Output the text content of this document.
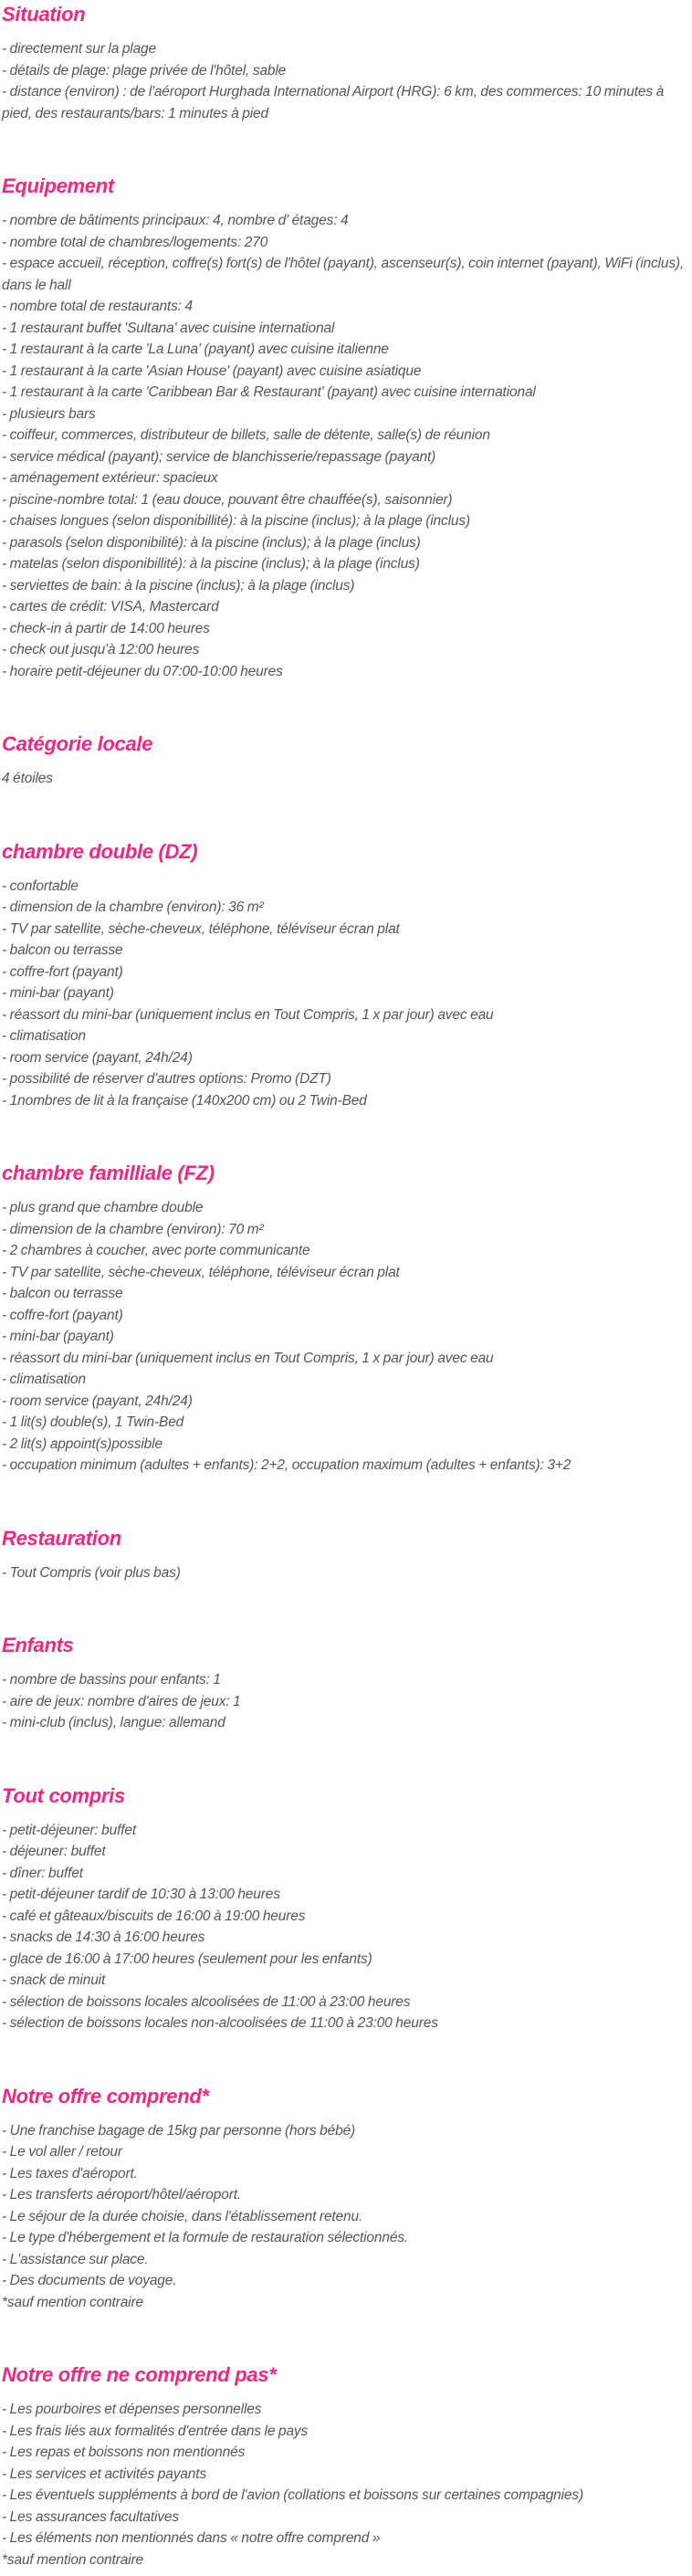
Situation

- directement sur la plage

- détails de plage: plage privée de l'hôtel, sable

- distance (environ) : de l'aéroport Hurghada International Airport (HRG): 6 km, des commerces: 10 minutes à pied, des restaurants/bars: 1 minutes à pied

Equipement

- nombre de bâtiments principaux: 4, nombre d' étages: 4

- nombre total de chambres/logements: 270

- espace accueil, réception, coffre(s) fort(s) de l'hôtel (payant), ascenseur(s), coin internet (payant), WiFi (inclus), dans le hall

- nombre total de restaurants: 4

- 1 restaurant buffet 'Sultana' avec cuisine international

- 1 restaurant à la carte 'La Luna' (payant) avec cuisine italienne

- 1 restaurant à la carte 'Asian House' (payant) avec cuisine asiatique

- 1 restaurant à la carte 'Caribbean Bar & Restaurant' (payant) avec cuisine international

- plusieurs bars

- coiffeur, commerces, distributeur de billets, salle de détente, salle(s) de réunion

- service médical (payant); service de blanchisserie/repassage (payant)

- aménagement extérieur: spacieux

- piscine-nombre total: 1 (eau douce, pouvant être chauffée(s), saisonnier)

- chaises longues (selon disponibillité): à la piscine (inclus); à la plage (inclus)

- parasols (selon disponibilité): à la piscine (inclus); à la plage (inclus)

- matelas (selon disponibillité): à la piscine (inclus); à la plage (inclus)

- serviettes de bain: à la piscine (inclus); à la plage (inclus)

- cartes de crédit: VISA, Mastercard

- check-in à partir de 14:00 heures

- check out jusqu'à 12:00 heures

- horaire petit-déjeuner du 07:00-10:00 heures

Catégorie locale

4 étoiles

chambre double (DZ)

- confortable

- dimension de la chambre (environ): 36 m²

- TV par satellite, sèche-cheveux, téléphone, téléviseur écran plat

- balcon ou terrasse

- coffre-fort (payant)

- mini-bar (payant)

- réassort du mini-bar (uniquement inclus en Tout Compris, 1 x par jour) avec eau

- climatisation

- room service (payant, 24h/24)

- possibilité de réserver d'autres options: Promo (DZT)

- 1nombres de lit à la française (140x200 cm) ou 2 Twin-Bed

chambre familliale (FZ)

- plus grand que chambre double

- dimension de la chambre (environ): 70 m²

- 2 chambres à coucher, avec porte communicante

- TV par satellite, sèche-cheveux, téléphone, téléviseur écran plat

- balcon ou terrasse

- coffre-fort (payant)

- mini-bar (payant)

- réassort du mini-bar (uniquement inclus en Tout Compris, 1 x par jour) avec eau

- climatisation

- room service (payant, 24h/24)

- 1 lit(s) double(s), 1 Twin-Bed

- 2 lit(s) appoint(s)possible

- occupation minimum (adultes + enfants): 2+2, occupation maximum (adultes + enfants): 3+2

Restauration

- Tout Compris (voir plus bas)

Enfants

- nombre de bassins pour enfants: 1

- aire de jeux: nombre d'aires de jeux: 1

- mini-club (inclus), langue: allemand

Tout compris

- petit-déjeuner: buffet

- déjeuner: buffet

- dîner: buffet

- petit-déjeuner tardif de 10:30 à 13:00 heures

- café et gâteaux/biscuits de 16:00 à 19:00 heures

- snacks de 14:30 à 16:00 heures

- glace de 16:00 à 17:00 heures (seulement pour les enfants)

- snack de minuit

- sélection de boissons locales alcoolisées de 11:00 à 23:00 heures

- sélection de boissons locales non-alcoolisées de 11:00 à 23:00 heures

Notre offre comprend*

- Une franchise bagage de 15kg par personne (hors bébé)

- Le vol aller / retour

- Les taxes d'aéroport.

- Les transferts aéroport/hôtel/aéroport.

- Le séjour de la durée choisie, dans l'établissement retenu.

- Le type d'hébergement et la formule de restauration sélectionnés.

- L'assistance sur place.

- Des documents de voyage.

*sauf mention contraire

Notre offre ne comprend pas*

- Les pourboires et dépenses personnelles

- Les frais liés aux formalités d'entrée dans le pays

- Les repas et boissons non mentionnés

- Les services et activités payants

- Les éventuels suppléments à bord de l'avion (collations et boissons sur certaines compagnies)

- Les assurances facultatives

- Les éléments non mentionnés dans « notre offre comprend »

*sauf mention contraire
